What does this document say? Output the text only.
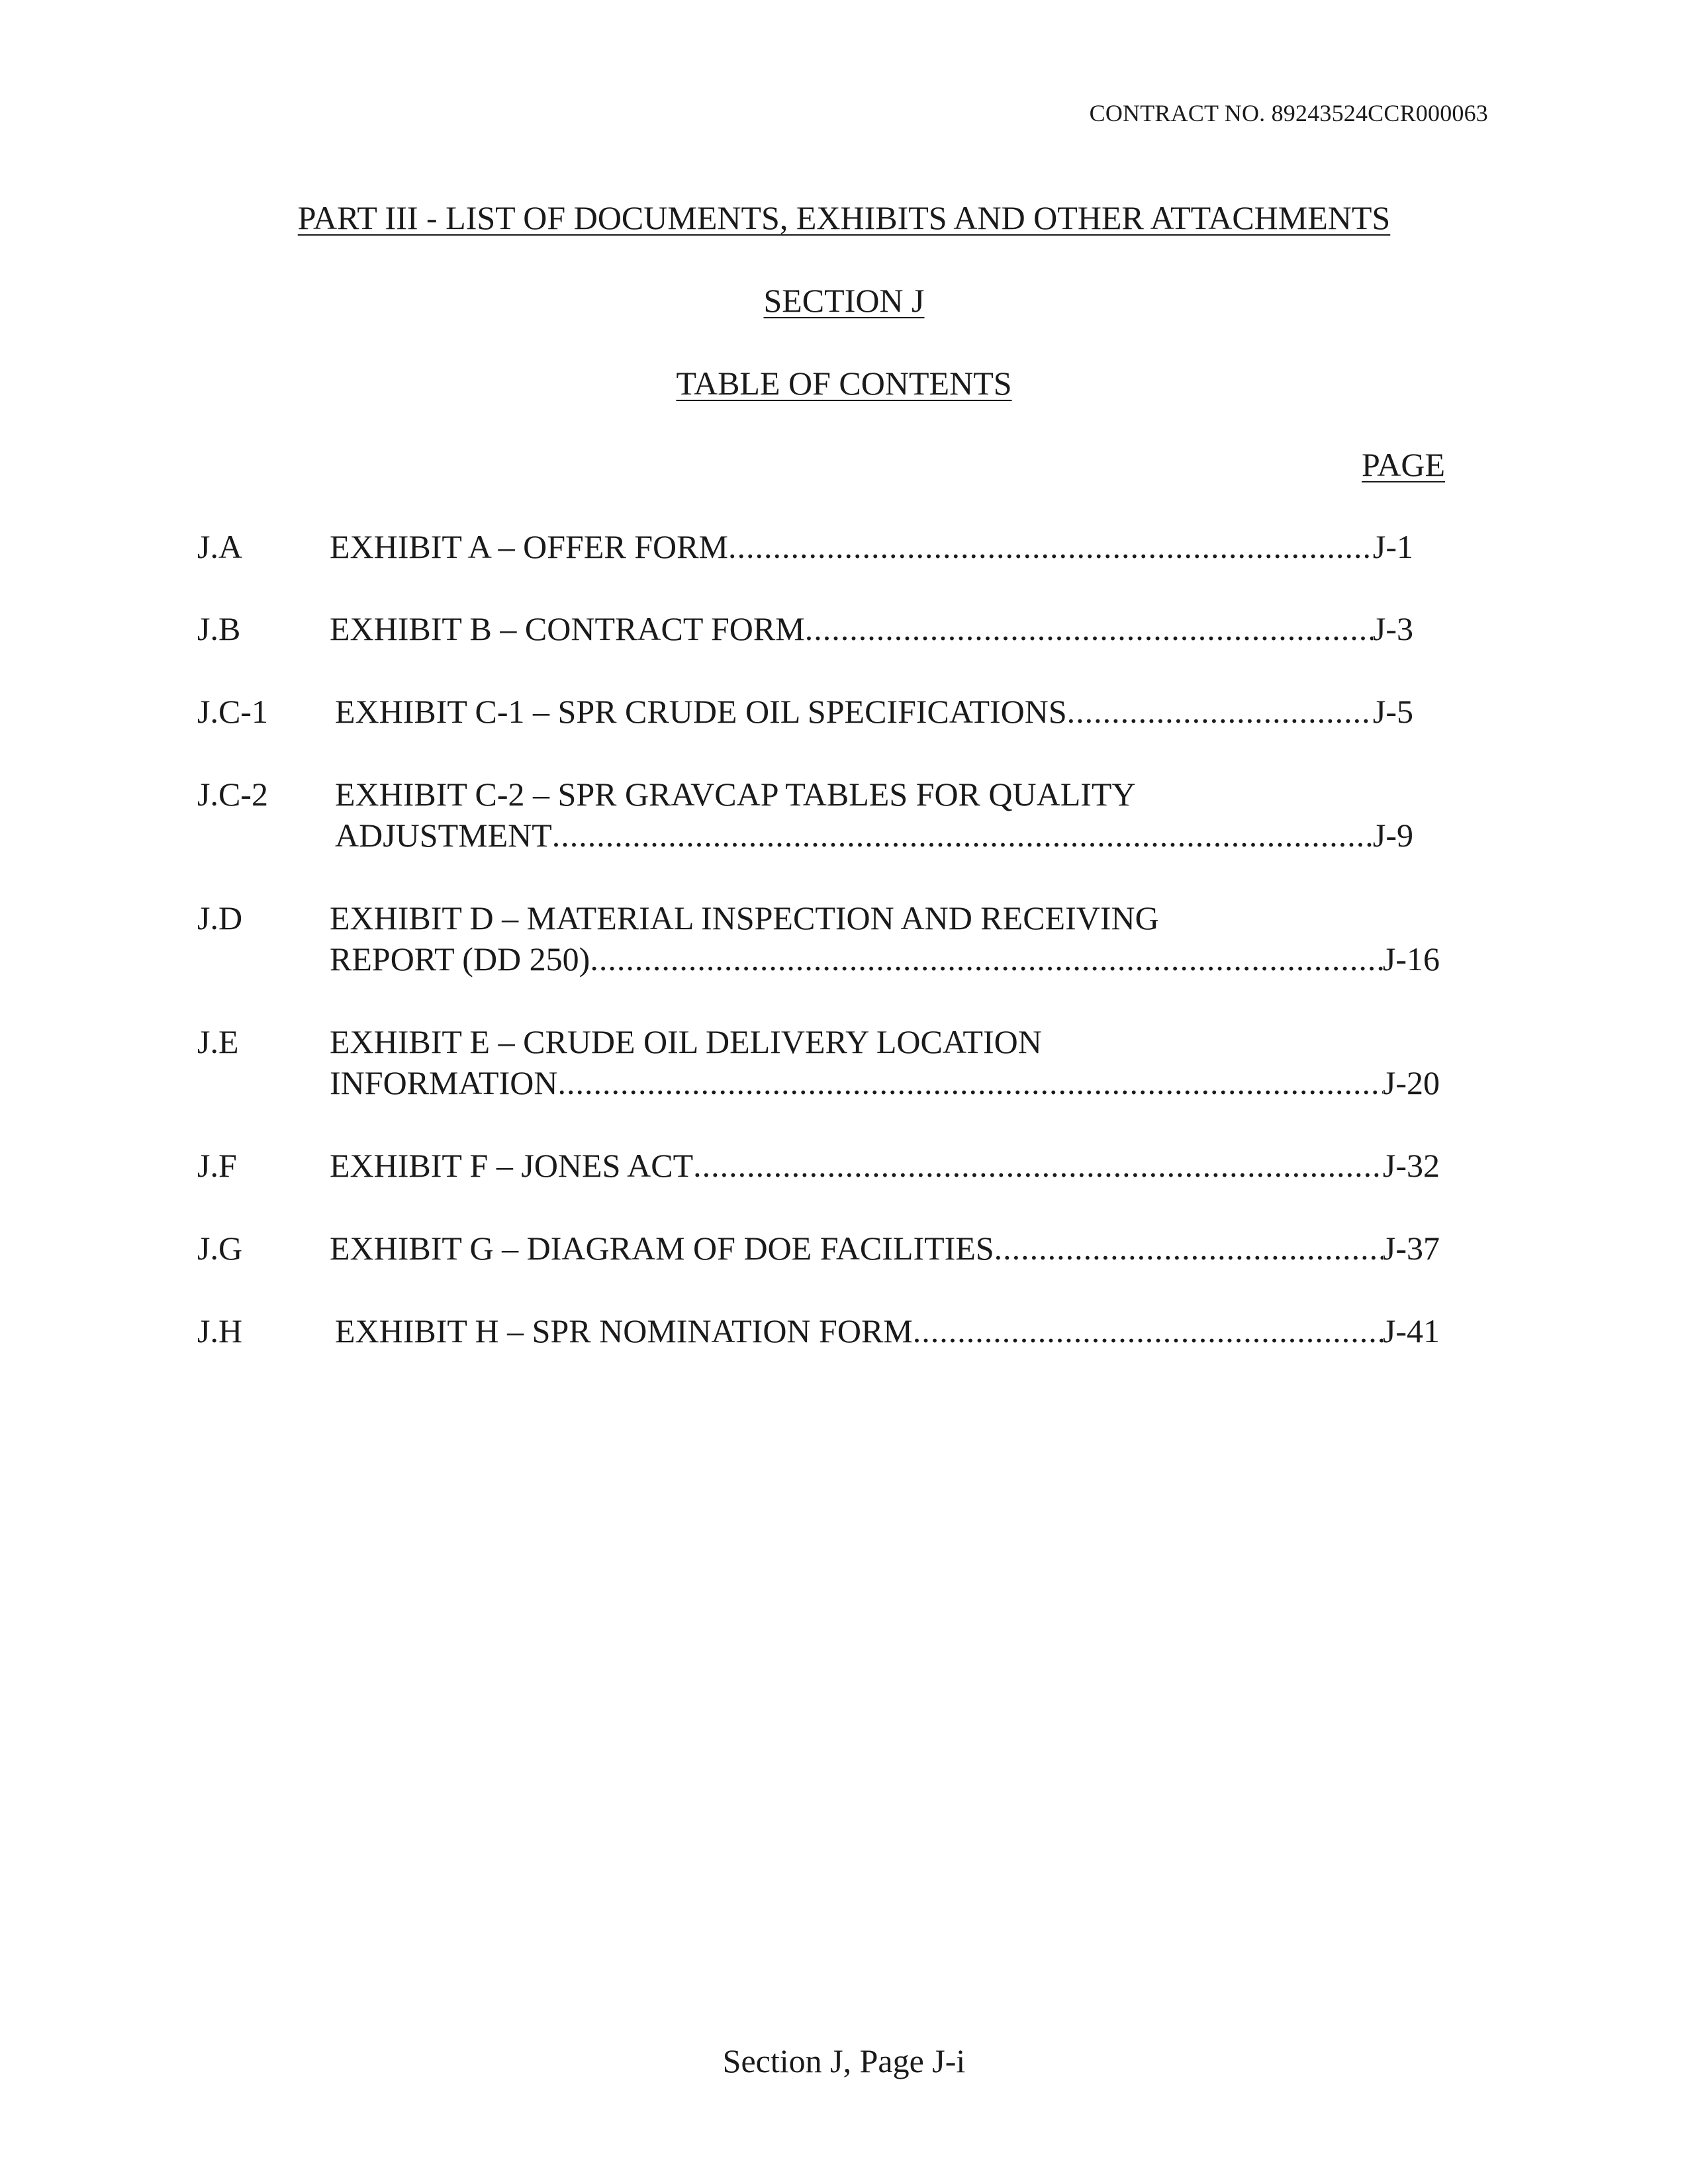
CONTRACT NO. 89243524CCR000063
PART III - LIST OF DOCUMENTS, EXHIBITS AND OTHER ATTACHMENTS
SECTION J
TABLE OF CONTENTS
PAGE
J.A	EXHIBIT A – OFFER FORM .....	J-1
J.B	EXHIBIT B – CONTRACT FORM .....	J-3
J.C-1 EXHIBIT C-1 – SPR CRUDE OIL SPECIFICATIONS .....	J-5
J.C-2 EXHIBIT C-2 – SPR GRAVCAP TABLES FOR QUALITY
ADJUSTMENT .....	J-9
J.D	EXHIBIT D – MATERIAL INSPECTION AND RECEIVING
REPORT (DD 250) .....	J-16
J.E	EXHIBIT E – CRUDE OIL DELIVERY LOCATION
INFORMATION .....	J-20
J.F	EXHIBIT F – JONES ACT .....	J-32
J.G	EXHIBIT G – DIAGRAM OF DOE FACILITIES .....	J-37
J.H	EXHIBIT H – SPR NOMINATION FORM .....	J-41
Section J, Page J-i
